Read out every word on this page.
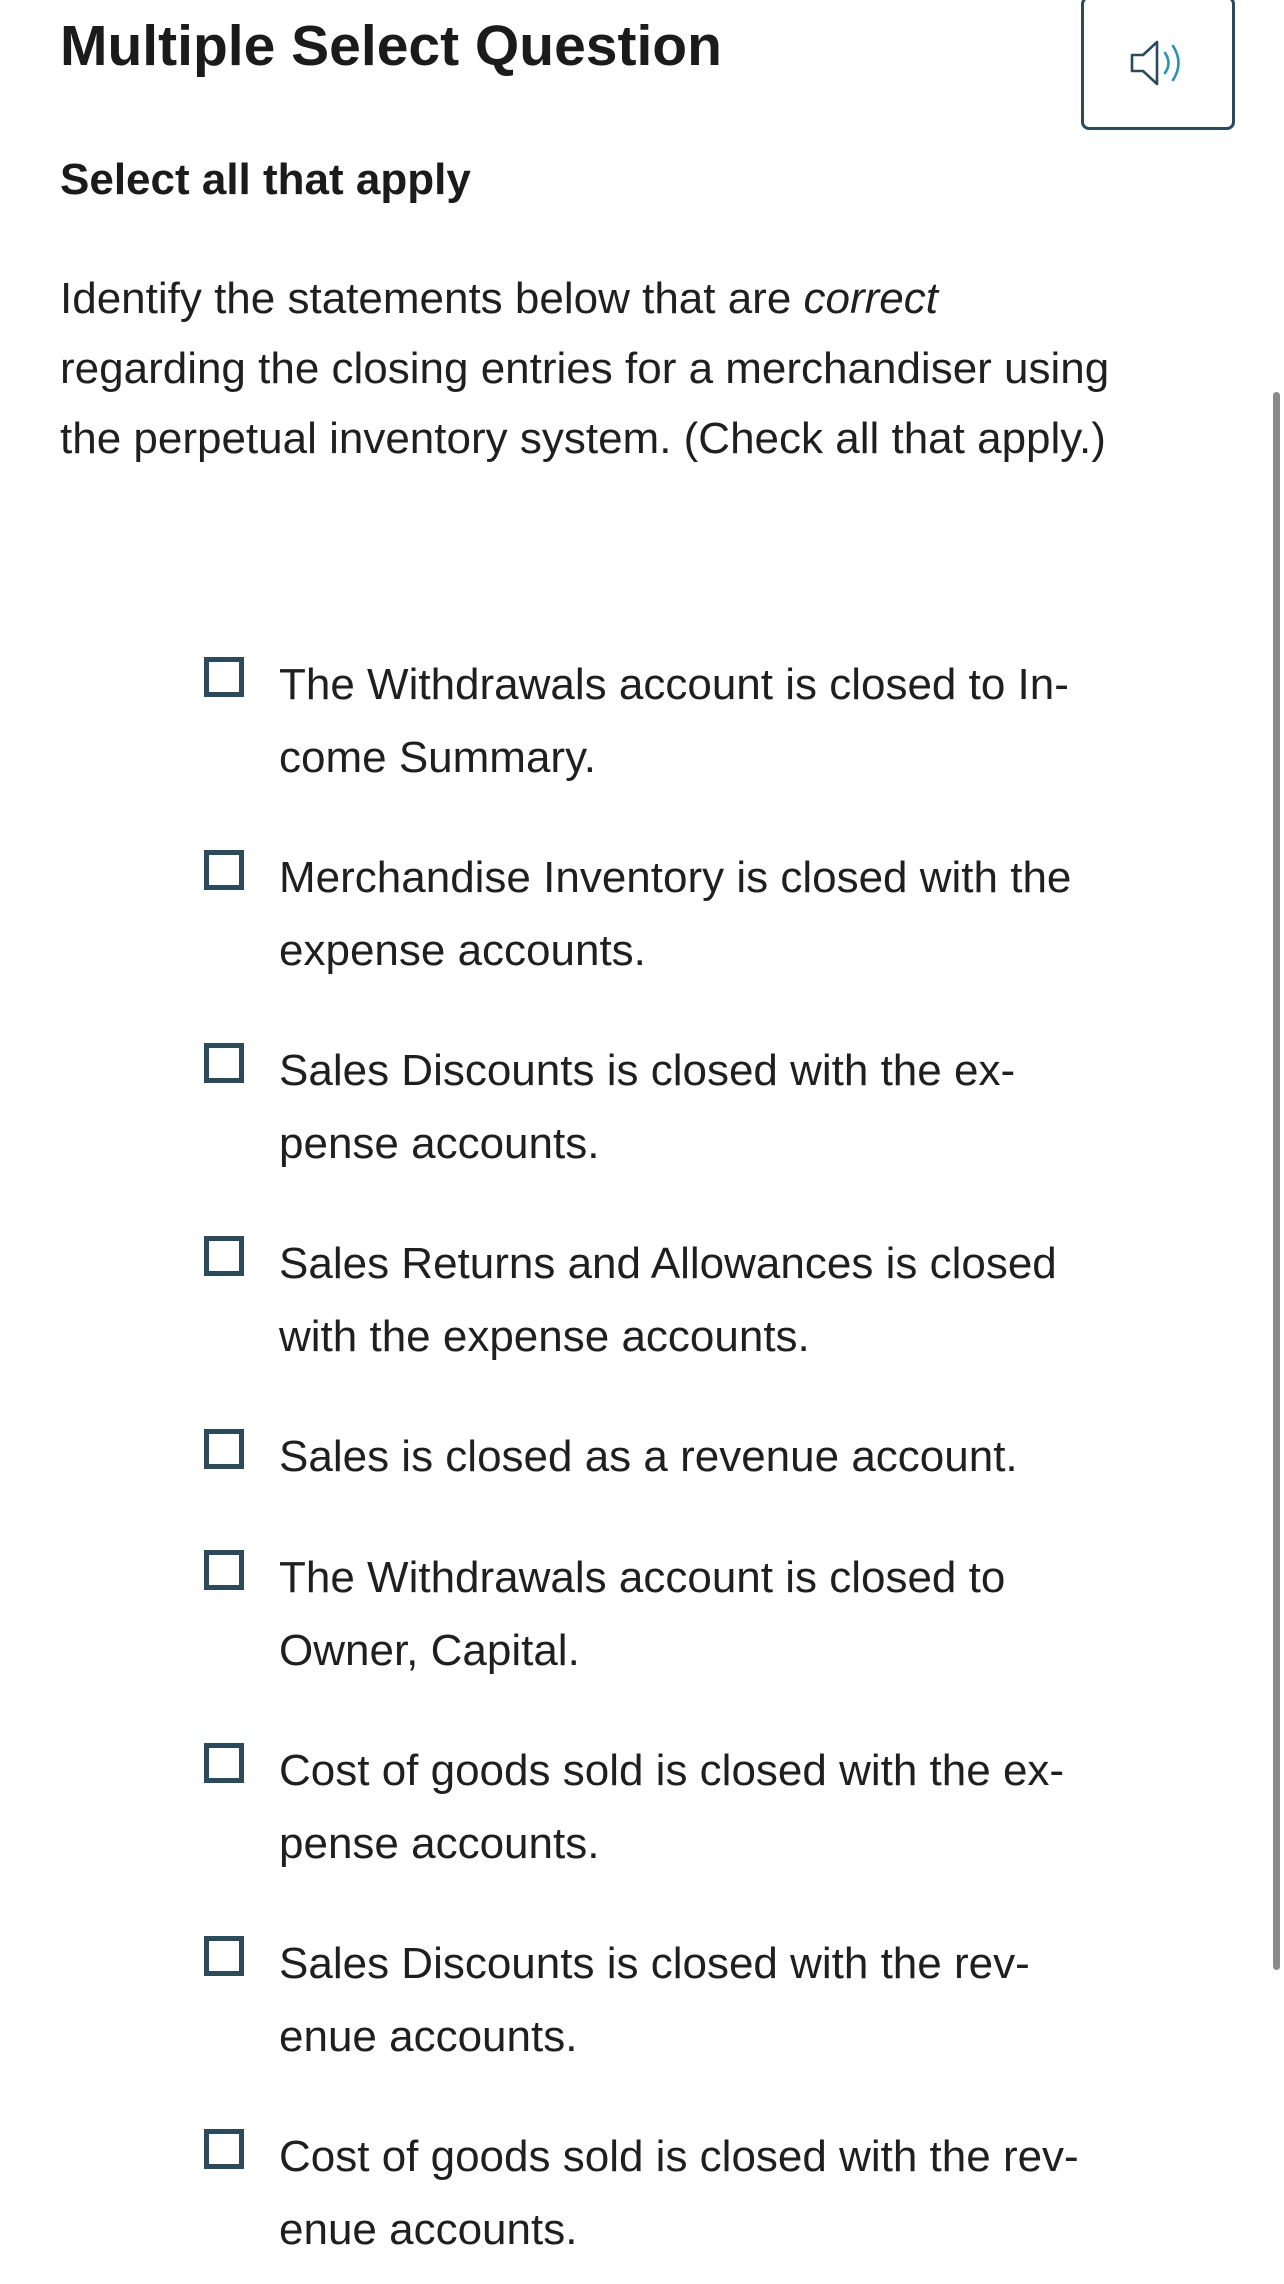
Multiple Select Question
Select all that apply

Identify the statements below that are correct
regarding the closing entries for a merchandiser using
the perpetual inventory system. (Check all that apply.)

The Withdrawals account is closed to In-
come Summary.
Merchandise Inventory is closed with the
expense accounts.
Sales Discounts is closed with the ex-
pense accounts.
Sales Returns and Allowances is closed
with the expense accounts.
Sales is closed as a revenue account.
The Withdrawals account is closed to
Owner, Capital.
Cost of goods sold is closed with the ex-
pense accounts.
Sales Discounts is closed with the rev-
enue accounts.
Cost of goods sold is closed with the rev-
enue accounts.
